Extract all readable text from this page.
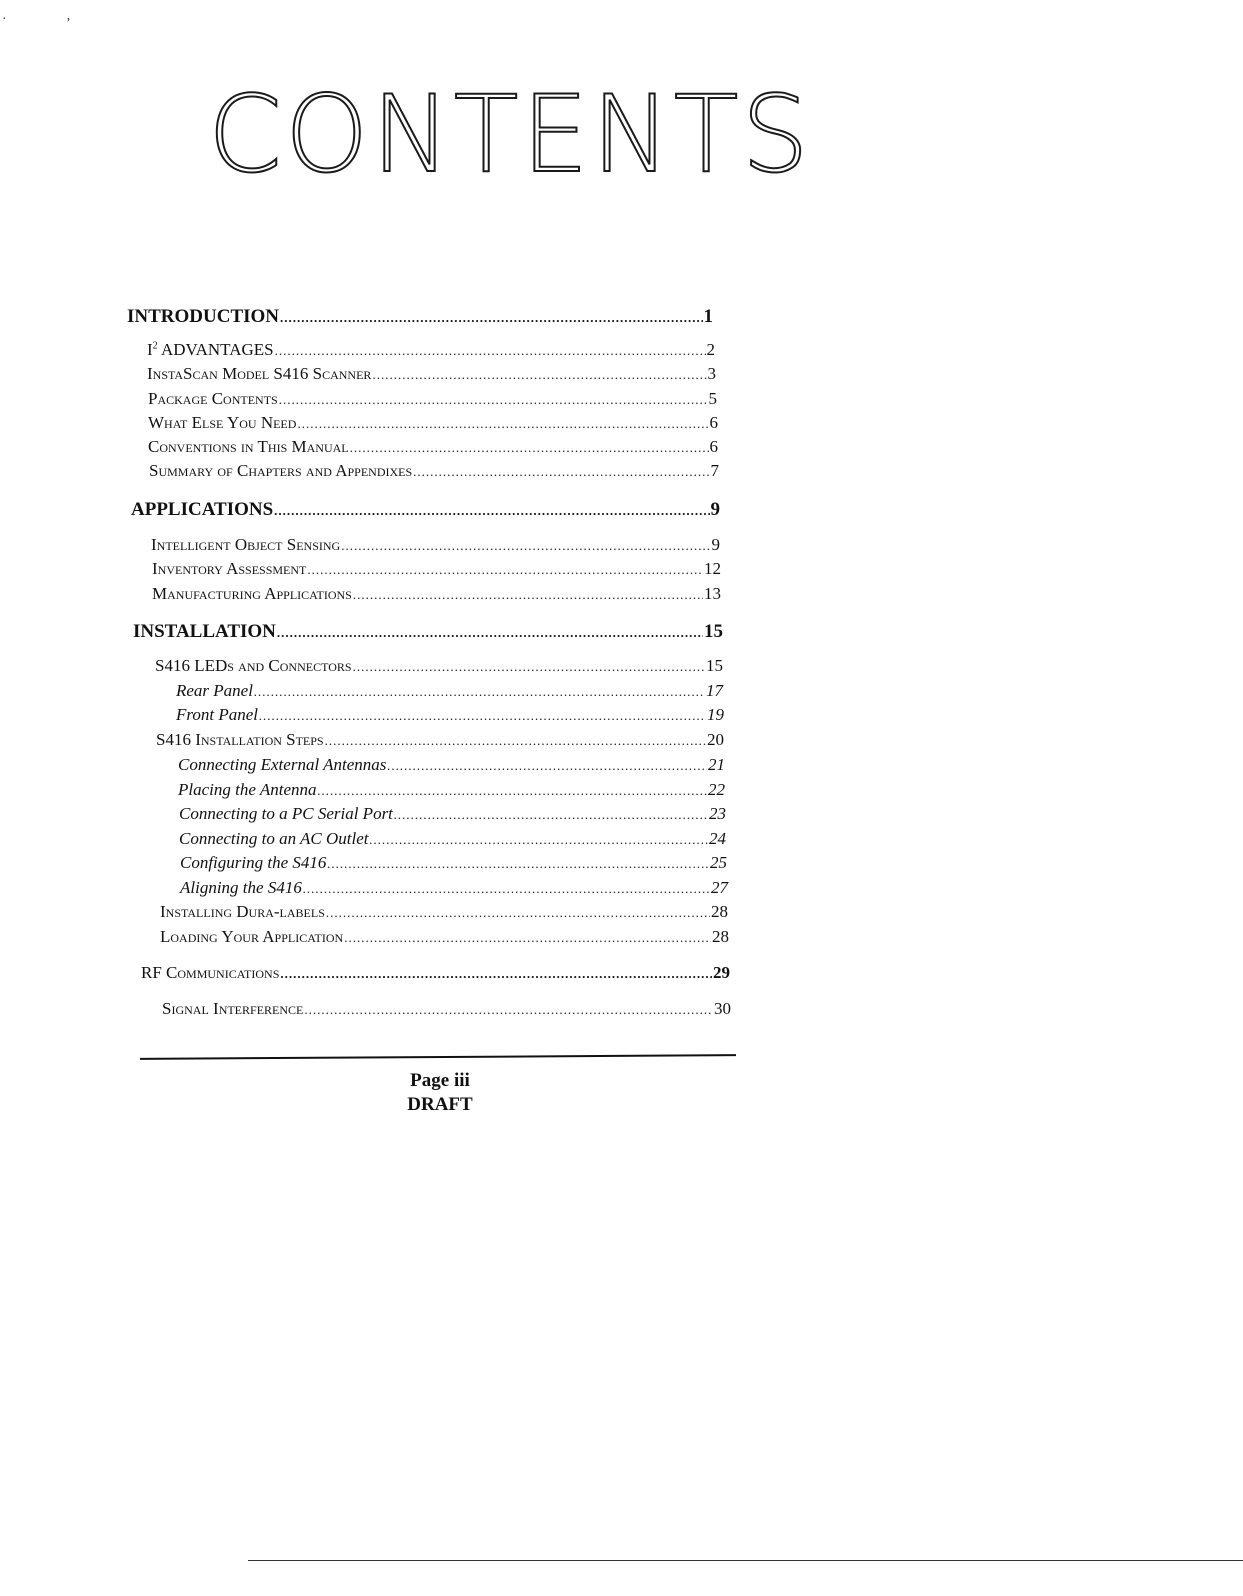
·	ʼ
CONTENTS
INTRODUCTION .....	1
$I^2$ ADVANTAGES .....	2
InstaScan Model S416 Scanner .....	3
Package Contents .....	5
What Else You Need .....	6
Conventions in This Manual .....	6
Summary of Chapters and Appendixes .....	7
APPLICATIONS .....	9
Intelligent Object Sensing .....	9
Inventory Assessment .....	12
Manufacturing Applications .....	13
INSTALLATION .....	15
S416 LEDs and Connectors .....	15
Rear Panel .....	17
Front Panel .....	19
S416 Installation Steps .....	20
Connecting External Antennas .....	21
Placing the Antenna .....	22
Connecting to a PC Serial Port .....	23
Connecting to an AC Outlet .....	24
Configuring the S416 .....	25
Aligning the S416 .....	27
Installing Dura-labels .....	28
Loading Your Application .....	28
RF Communications .....	29
Signal Interference .....	30
Page iii
DRAFT
